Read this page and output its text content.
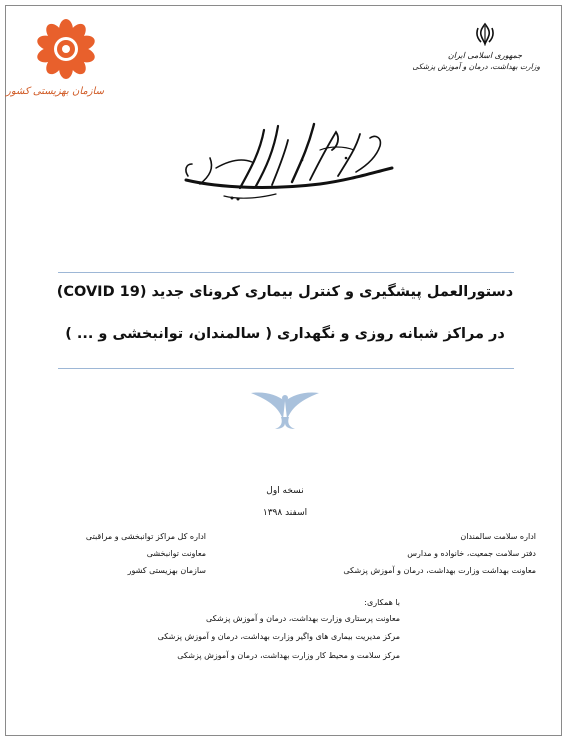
سازمان بهزیستی کشور
جمهوری اسلامی ایران
وزارت بهداشت، درمان و آموزش پزشکی
دستورالعمل پیشگیری و کنترل بیماری کرونای جدید (COVID 19)
در مراکز شبانه روزی و نگهداری ( سالمندان، توانبخشی و ... )
نسخه اول
اسفند ۱۳۹۸
اداره سلامت سالمندان
دفتر سلامت جمعیت، خانواده و مدارس
معاونت بهداشت وزارت بهداشت، درمان و آموزش پزشکی
اداره کل مراکز توانبخشی و مراقبتی
معاونت توانبخشی
سازمان بهزیستی کشور
با همکاری:
معاونت پرستاری وزارت بهداشت، درمان و آموزش پزشکی
مرکز مدیریت بیماری های واگیر وزارت بهداشت، درمان و آموزش پزشکی
مرکز سلامت و محیط کار وزارت بهداشت، درمان و آموزش پزشکی
